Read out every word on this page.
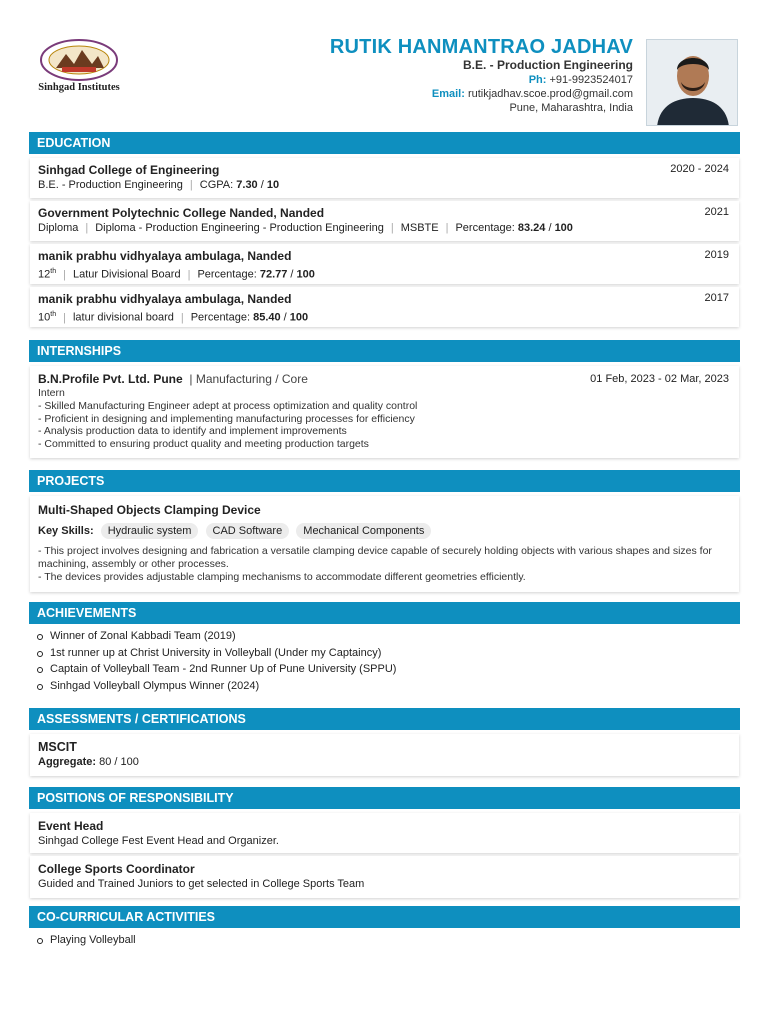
Sinhgad Institutes
RUTIK HANMANTRAO JADHAV
B.E. - Production Engineering
Ph: +91-9923524017
Email: rutikjadhav.scoe.prod@gmail.com
Pune, Maharashtra, India
EDUCATION
Sinhgad College of Engineering	2020 - 2024
B.E. - Production Engineering | CGPA: 7.30 / 10
Government Polytechnic College Nanded, Nanded	2021
Diploma | Diploma - Production Engineering - Production Engineering | MSBTE | Percentage: 83.24 / 100
manik prabhu vidhyalaya ambulaga, Nanded	2019
12th | Latur Divisional Board | Percentage: 72.77 / 100
manik prabhu vidhyalaya ambulaga, Nanded	2017
10th | latur divisional board | Percentage: 85.40 / 100
INTERNSHIPS
B.N.Profile Pvt. Ltd. Pune  | Manufacturing / Core	01 Feb, 2023 - 02 Mar, 2023
Intern
- Skilled Manufacturing Engineer adept at process optimization and quality control
- Proficient in designing and implementing manufacturing processes for efficiency
- Analysis production data to identify and implement improvements
- Committed to ensuring product quality and meeting production targets
PROJECTS
Multi-Shaped Objects Clamping Device
Key Skills: Hydraulic system CAD Software Mechanical Components
- This project involves designing and fabrication a versatile clamping device capable of securely holding objects with various shapes and sizes for machining, assembly or other processes.
- The devices provides adjustable clamping mechanisms to accommodate different geometries efficiently.
ACHIEVEMENTS
Winner of Zonal Kabbadi Team (2019)
1st runner up at Christ University in Volleyball (Under my Captaincy)
Captain of Volleyball Team - 2nd Runner Up of Pune University (SPPU)
Sinhgad Volleyball Olympus Winner (2024)
ASSESSMENTS / CERTIFICATIONS
MSCIT
Aggregate: 80 / 100
POSITIONS OF RESPONSIBILITY
Event Head
Sinhgad College Fest Event Head and Organizer.
College Sports Coordinator
Guided and Trained Juniors to get selected in College Sports Team
CO-CURRICULAR ACTIVITIES
Playing Volleyball
